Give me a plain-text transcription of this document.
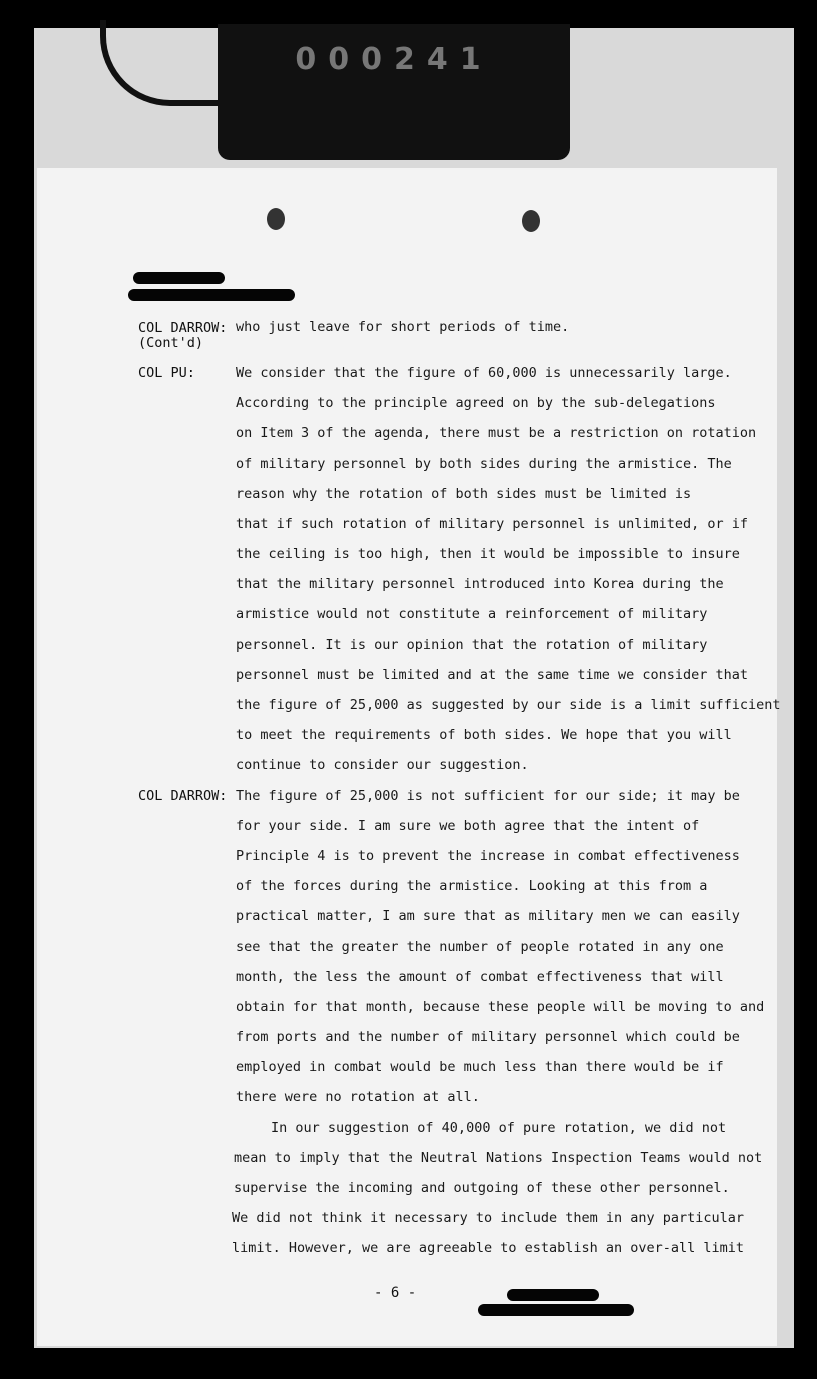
000241
COL DARROW:
(Cont'd)
COL PU:
COL DARROW:
who just leave for short periods of time.
We consider that the figure of 60,000 is unnecessarily large.
According to the principle agreed on by the sub-delegations
on Item 3 of the agenda, there must be a restriction on rotation
of military personnel by both sides during the armistice. The
reason why the rotation of both sides must be limited is
that if such rotation of military personnel is unlimited, or if
the ceiling is too high, then it would be impossible to insure
that the military personnel introduced into Korea during the
armistice would not constitute a reinforcement of military
personnel. It is our opinion that the rotation of military
personnel must be limited and at the same time we consider that
the figure of 25,000 as suggested by our side is a limit sufficient
to meet the requirements of both sides. We hope that you will
continue to consider our suggestion.
The figure of 25,000 is not sufficient for our side; it may be
for your side. I am sure we both agree that the intent of
Principle 4 is to prevent the increase in combat effectiveness
of the forces during the armistice. Looking at this from a
practical matter, I am sure that as military men we can easily
see that the greater the number of people rotated in any one
month, the less the amount of combat effectiveness that will
obtain for that month, because these people will be moving to and
from ports and the number of military personnel which could be
employed in combat would be much less than there would be if
there were no rotation at all.
In our suggestion of 40,000 of pure rotation, we did not
mean to imply that the Neutral Nations Inspection Teams would not
supervise the incoming and outgoing of these other personnel.
We did not think it necessary to include them in any particular
limit. However, we are agreeable to establish an over-all limit
- 6 -
